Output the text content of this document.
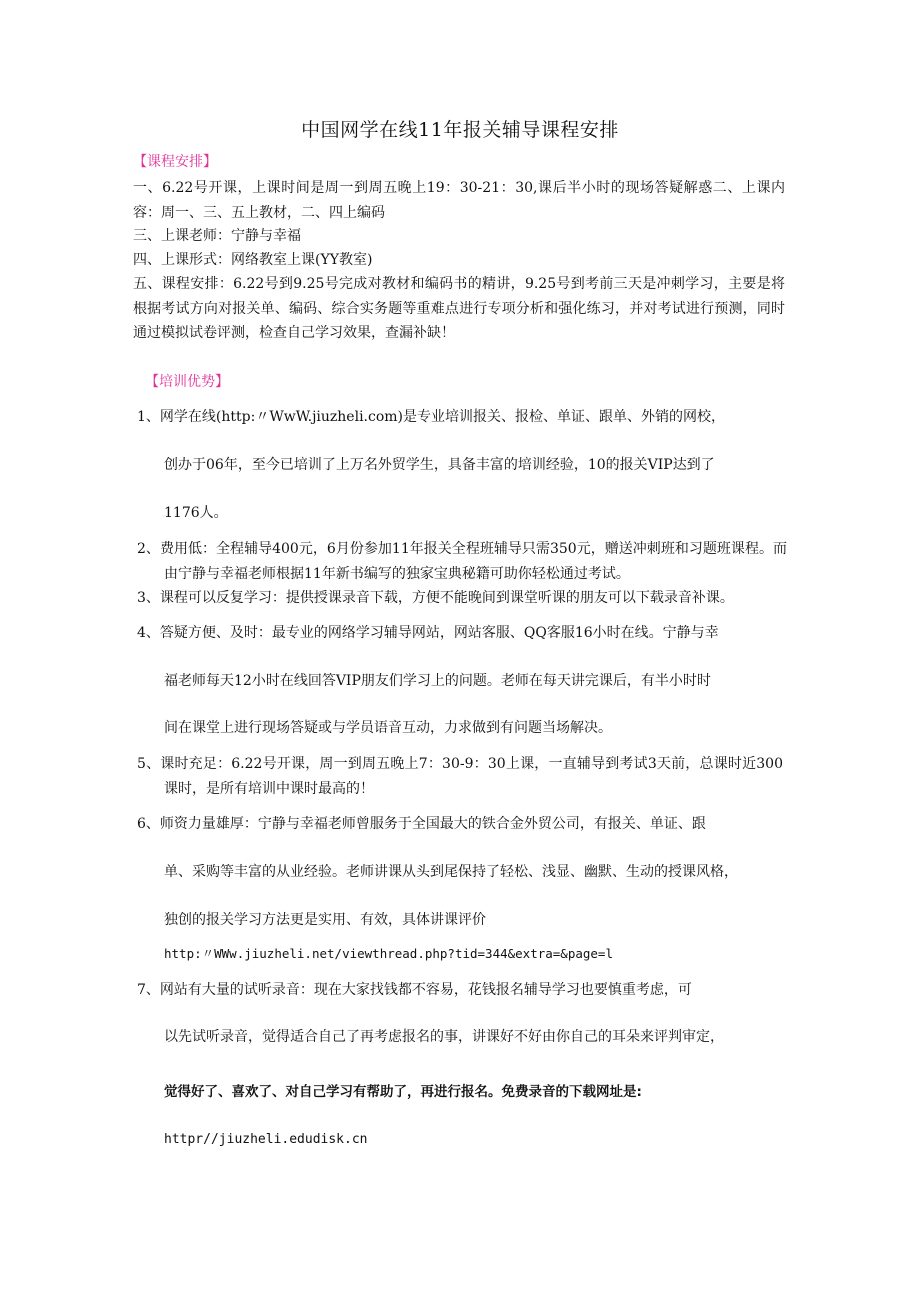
中国网学在线11年报关辅导课程安排
【课程安排】
一、6.22号开课，上课时间是周一到周五晚上19：30-21：30,课后半小时的现场答疑解惑二、上课内容：周一、三、五上教材，二、四上编码
三、上课老师：宁静与幸福
四、上课形式：网络教室上课(YY教室)
五、课程安排：6.22号到9.25号完成对教材和编码书的精讲，9.25号到考前三天是冲刺学习，主要是将根据考试方向对报关单、编码、综合实务题等重难点进行专项分析和强化练习，并对考试进行预测，同时通过模拟试卷评测，检查自己学习效果，查漏补缺！
【培训优势】
1、网学在线(http:〃WwW.jiuzheli.com)是专业培训报关、报检、单证、跟单、外销的网校，
创办于06年，至今已培训了上万名外贸学生，具备丰富的培训经验，10的报关VIP达到了
1176人。
2、费用低：全程辅导400元，6月份参加11年报关全程班辅导只需350元，赠送冲刺班和习题班课程。而由宁静与幸福老师根据11年新书编写的独家宝典秘籍可助你轻松通过考试。
3、课程可以反复学习：提供授课录音下载，方便不能晚间到课堂听课的朋友可以下载录音补课。
4、答疑方便、及时：最专业的网络学习辅导网站，网站客服、QQ客服16小时在线。宁静与幸
福老师每天12小时在线回答VIP朋友们学习上的问题。老师在每天讲完课后，有半小时时
间在课堂上进行现场答疑或与学员语音互动，力求做到有问题当场解决。
5、课时充足：6.22号开课，周一到周五晚上7：30-9：30上课，一直辅导到考试3天前，总课时近300课时，是所有培训中课时最高的！
6、师资力量雄厚：宁静与幸福老师曾服务于全国最大的铁合金外贸公司，有报关、单证、跟
单、采购等丰富的从业经验。老师讲课从头到尾保持了轻松、浅显、幽默、生动的授课风格，
独创的报关学习方法更是实用、有效，具体讲课评价
http:〃WWw.jiuzheli.net/viewthread.php?tid=344&extra=&page=l
7、网站有大量的试听录音：现在大家找钱都不容易，花钱报名辅导学习也要慎重考虑，可
以先试听录音，觉得适合自己了再考虑报名的事，讲课好不好由你自己的耳朵来评判审定，
觉得好了、喜欢了、对自己学习有帮助了，再进行报名。免费录音的下载网址是:
httpr//jiuzheli.edudisk.cn
